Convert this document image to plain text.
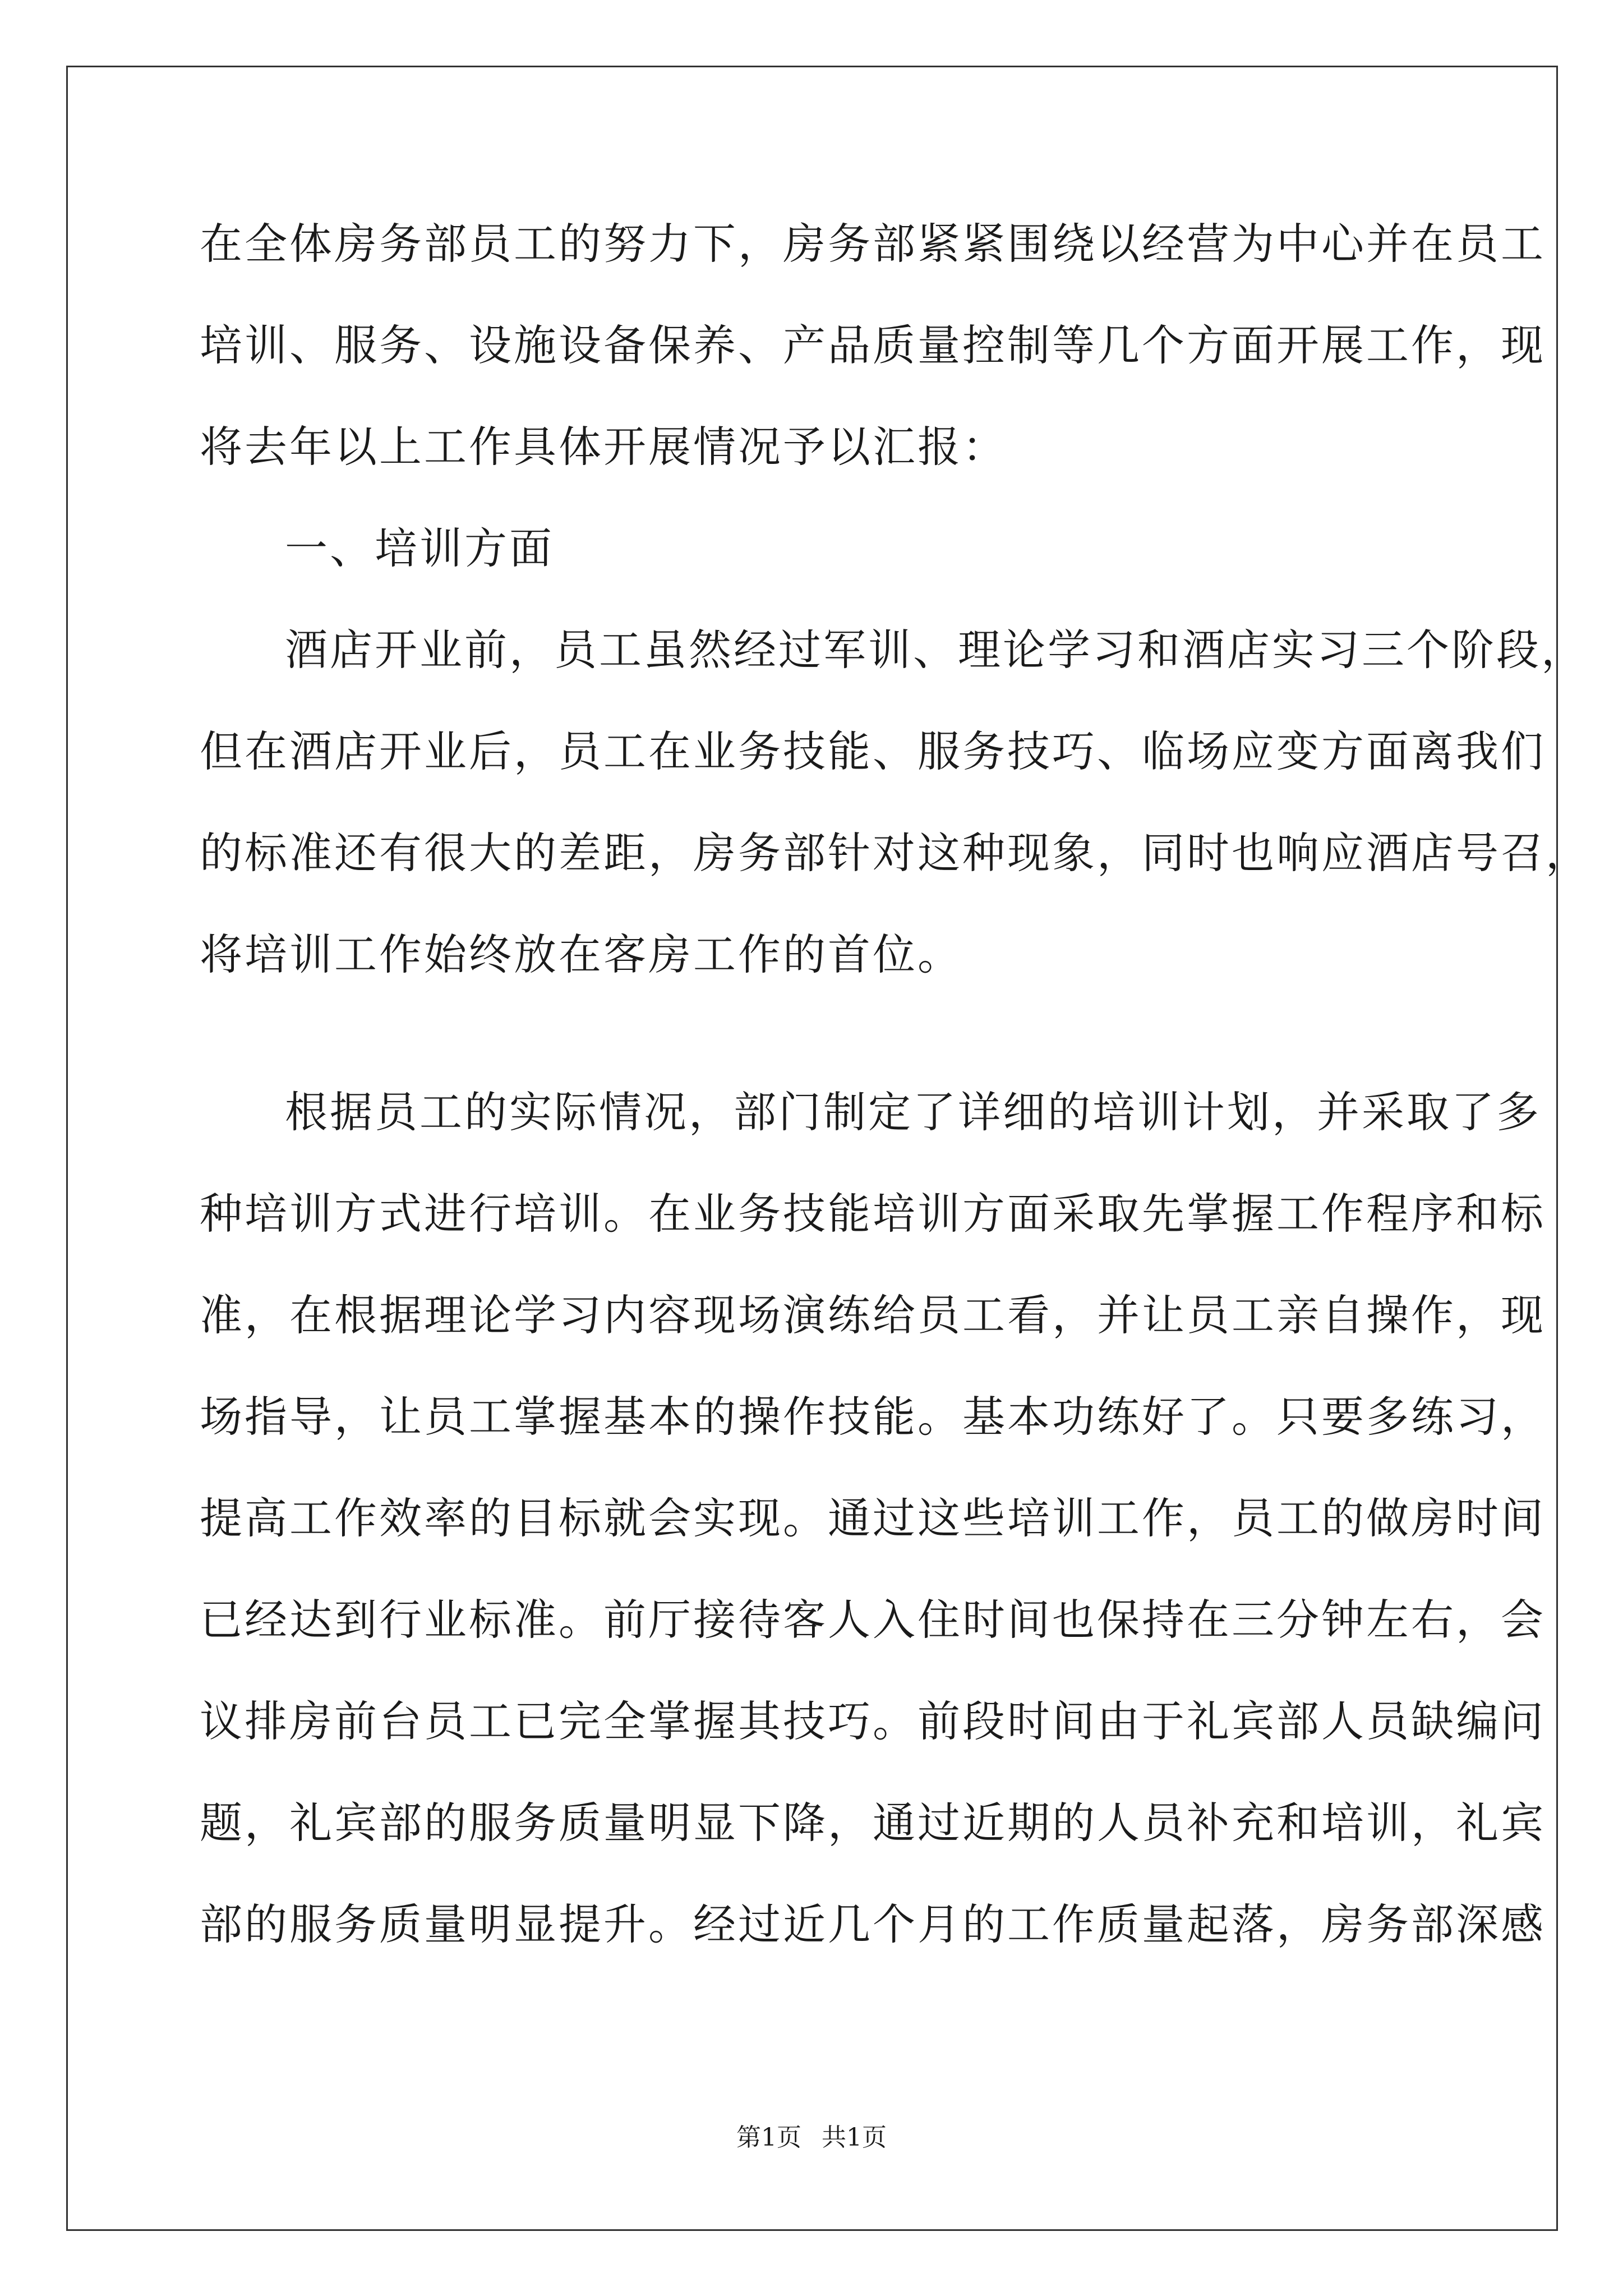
在全体房务部员工的努力下，房务部紧紧围绕以经营为中心并在员工
培训、服务、设施设备保养、产品质量控制等几个方面开展工作，现
将去年以上工作具体开展情况予以汇报：
一、培训方面
酒店开业前，员工虽然经过军训、理论学习和酒店实习三个阶段，
但在酒店开业后，员工在业务技能、服务技巧、临场应变方面离我们
的标准还有很大的差距，房务部针对这种现象，同时也响应酒店号召，
将培训工作始终放在客房工作的首位。
根据员工的实际情况，部门制定了详细的培训计划，并采取了多
种培训方式进行培训。在业务技能培训方面采取先掌握工作程序和标
准，在根据理论学习内容现场演练给员工看，并让员工亲自操作，现
场指导，让员工掌握基本的操作技能。基本功练好了。只要多练习，
提高工作效率的目标就会实现。通过这些培训工作，员工的做房时间
已经达到行业标准。前厅接待客人入住时间也保持在三分钟左右，会
议排房前台员工已完全掌握其技巧。前段时间由于礼宾部人员缺编问
题，礼宾部的服务质量明显下降，通过近期的人员补充和培训，礼宾
部的服务质量明显提升。经过近几个月的工作质量起落，房务部深感
第1页 共1页
